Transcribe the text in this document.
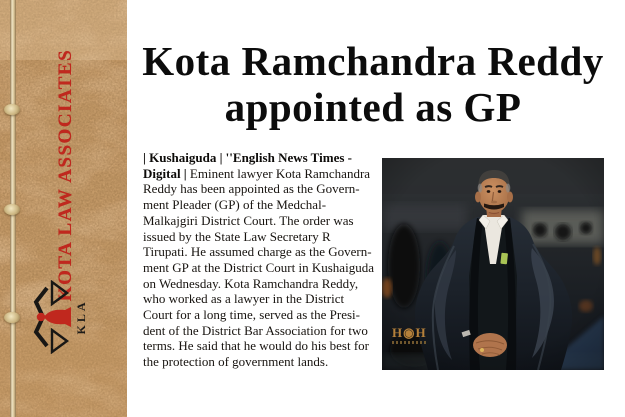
KOTA LAW ASSOCIATES
KLA
Kota Ramchandra Reddy
appointed as GP
| Kushaiguda | ''English News Times -
Digital | Eminent lawyer Kota Ramchandra
Reddy has been appointed as the Govern-
ment Pleader (GP) of the Medchal-
Malkajgiri District Court. The order was
issued by the State Law Secretary R
Tirupati. He assumed charge as the Govern-
ment GP at the District Court in Kushaiguda
on Wednesday. Kota Ramchandra Reddy,
who worked as a lawyer in the District
Court for a long time, served as the Presi-
dent of the District Bar Association for two
terms. He said that he would do his best for
the protection of government lands.
H◉H
